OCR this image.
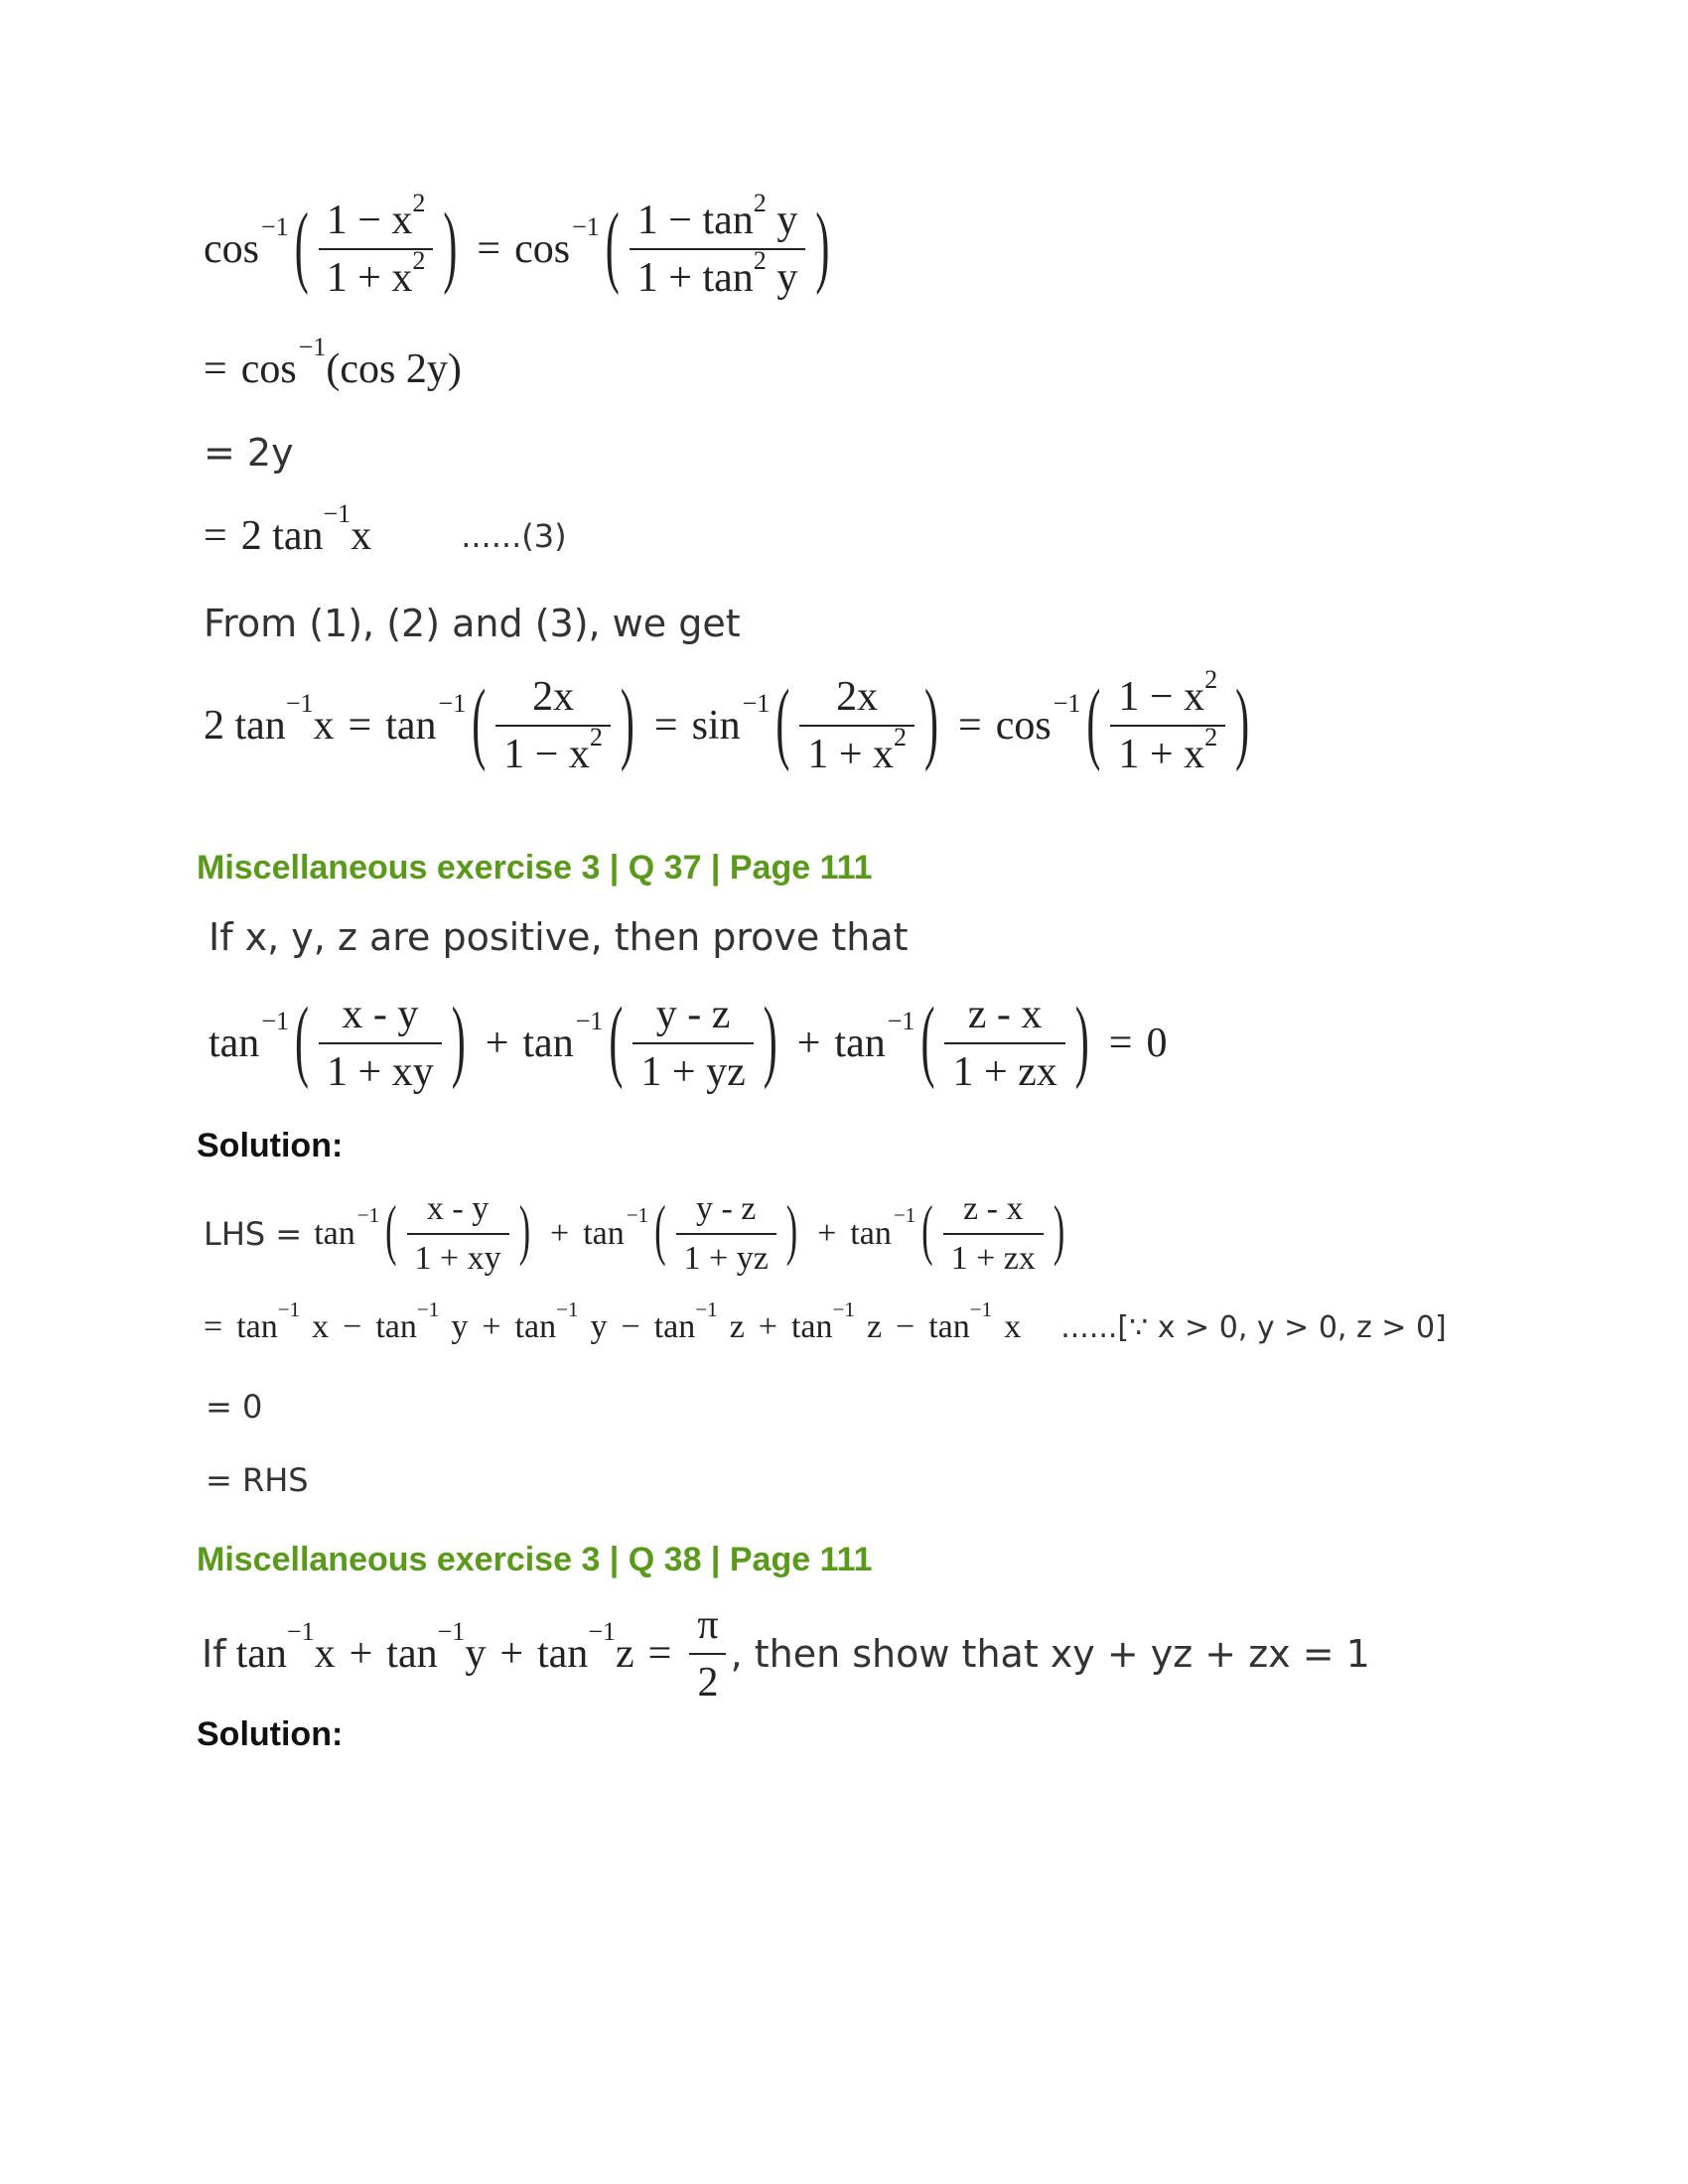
$\cos^{-1}$ ( $\frac{1 - x^2}{1 + x^2}$ ) = $\cos^{-1}$ ( $\frac{1 - \tan^2 y}{1 + \tan^2 y}$ )
= $\cos^{-1} (\cos$ 2y)
= 2y
= 2 $\tan^{-1} x$	......(3)
From (1), (2) and (3), we get
2 $\tan^{-1} x = \tan^{-1}$ ( $\frac{2x}{1 - x^2}$ ) = $\sin^{-1}$ ( $\frac{2x}{1 + x^2}$ ) = $\cos^{-1}$ ( $\frac{1 - x^2}{1 + x^2}$ )
Miscellaneous exercise 3 | Q 37 | Page 111
If x, y, z are positive, then prove that
$\tan^{-1}$ ( $\frac{x - y}{1 + xy}$ ) + $\tan^{-1}$ ( $\frac{y - z}{1 + yz}$ ) + $\tan^{-1}$ ( $\frac{z - x}{1 + zx}$ ) = 0
Solution:
LHS = $\tan^{-1}$ ( $\frac{x - y}{1 + xy}$ ) + $\tan^{-1}$ ( $\frac{y - z}{1 + yz}$ ) + $\tan^{-1}$ ( $\frac{z - x}{1 + zx}$ )
= $\tan^{-1} x - \tan^{-1} y + \tan^{-1} y - \tan^{-1} z + \tan^{-1} z - \tan^{-1} x$ ......[∵ x > 0, y > 0, z > 0]
= 0
= RHS
Miscellaneous exercise 3 | Q 38 | Page 111
If $\tan^{-1} x + \tan^{-1} y + \tan^{-1} z = \frac{\pi}{2}$ , then show that xy + yz + zx = 1
Solution:
